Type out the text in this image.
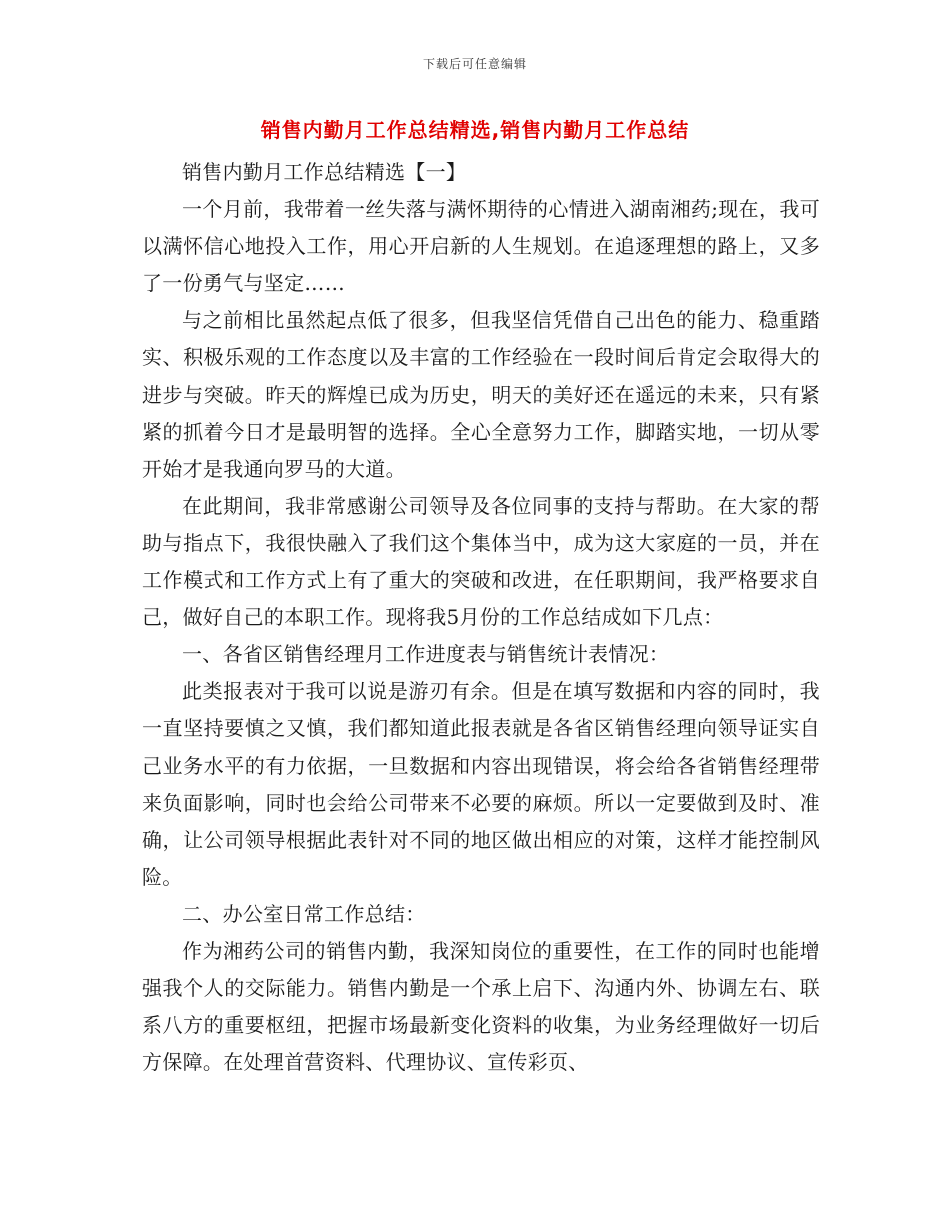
下载后可任意编辑
销售内勤月工作总结精选,销售内勤月工作总结

销售内勤月工作总结精选【一】

一个月前，我带着一丝失落与满怀期待的心情进入湖南湘药;现在，我可以满怀信心地投入工作，用心开启新的人生规划。在追逐理想的路上，又多了一份勇气与坚定……

与之前相比虽然起点低了很多，但我坚信凭借自己出色的能力、稳重踏实、积极乐观的工作态度以及丰富的工作经验在一段时间后肯定会取得大的进步与突破。昨天的辉煌已成为历史，明天的美好还在遥远的未来，只有紧紧的抓着今日才是最明智的选择。全心全意努力工作，脚踏实地，一切从零开始才是我通向罗马的大道。

在此期间，我非常感谢公司领导及各位同事的支持与帮助。在大家的帮助与指点下，我很快融入了我们这个集体当中，成为这大家庭的一员，并在工作模式和工作方式上有了重大的突破和改进，在任职期间，我严格要求自己，做好自己的本职工作。现将我5月份的工作总结成如下几点：

一、各省区销售经理月工作进度表与销售统计表情况：

此类报表对于我可以说是游刃有余。但是在填写数据和内容的同时，我一直坚持要慎之又慎，我们都知道此报表就是各省区销售经理向领导证实自己业务水平的有力依据，一旦数据和内容出现错误，将会给各省销售经理带来负面影响，同时也会给公司带来不必要的麻烦。所以一定要做到及时、准确，让公司领导根据此表针对不同的地区做出相应的对策，这样才能控制风险。

二、办公室日常工作总结：

作为湘药公司的销售内勤，我深知岗位的重要性，在工作的同时也能增强我个人的交际能力。销售内勤是一个承上启下、沟通内外、协调左右、联系八方的重要枢纽，把握市场最新变化资料的收集，为业务经理做好一切后方保障。在处理首营资料、代理协议、宣传彩页、
